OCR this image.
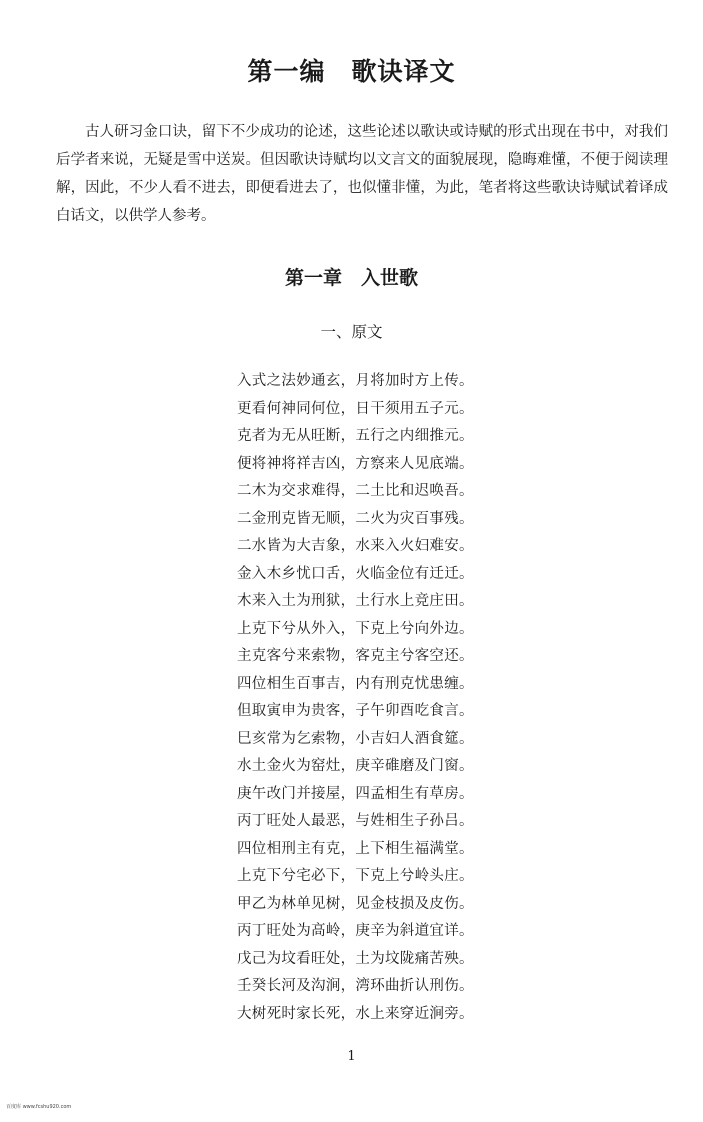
第一编　歌诀译文

古人研习金口诀，留下不少成功的论述，这些论述以歌诀或诗赋的形式出现在书中，对我们后学者来说，无疑是雪中送炭。但因歌诀诗赋均以文言文的面貌展现，隐晦难懂，不便于阅读理解，因此，不少人看不进去，即便看进去了，也似懂非懂，为此，笔者将这些歌诀诗赋试着译成白话文，以供学人参考。

第一章　入世歌
一、原文
入式之法妙通玄，月将加时方上传。
更看何神同何位，日干须用五子元。
克者为无从旺断，五行之内细推元。
便将神将祥吉凶，方察来人见底端。
二木为交求难得，二土比和迟唤吾。
二金刑克皆无顺，二火为灾百事残。
二水皆为大吉象，水来入火妇难安。
金入木乡忧口舌，火临金位有迁迁。
木来入土为刑狱，土行水上竞庄田。
上克下兮从外入，下克上兮向外边。
主克客兮来索物，客克主兮客空还。
四位相生百事吉，内有刑克忧患缠。
但取寅申为贵客，子午卯酉吃食言。
巳亥常为乞索物，小吉妇人酒食筵。
水土金火为窑灶，庚辛碓磨及门窗。
庚午改门并接屋，四孟相生有草房。
丙丁旺处人最恶，与姓相生子孙吕。
四位相刑主有克，上下相生福满堂。
上克下兮宅必下，下克上兮岭头庄。
甲乙为林单见树，见金枝损及皮伤。
丙丁旺处为高岭，庚辛为斜道宜详。
戊己为坟看旺处，土为坟陇痛苦殃。
壬癸长河及沟涧，湾环曲折认刑伤。
大树死时家长死，水上来穿近涧旁。
1
百度库 www.fcshu920.com
